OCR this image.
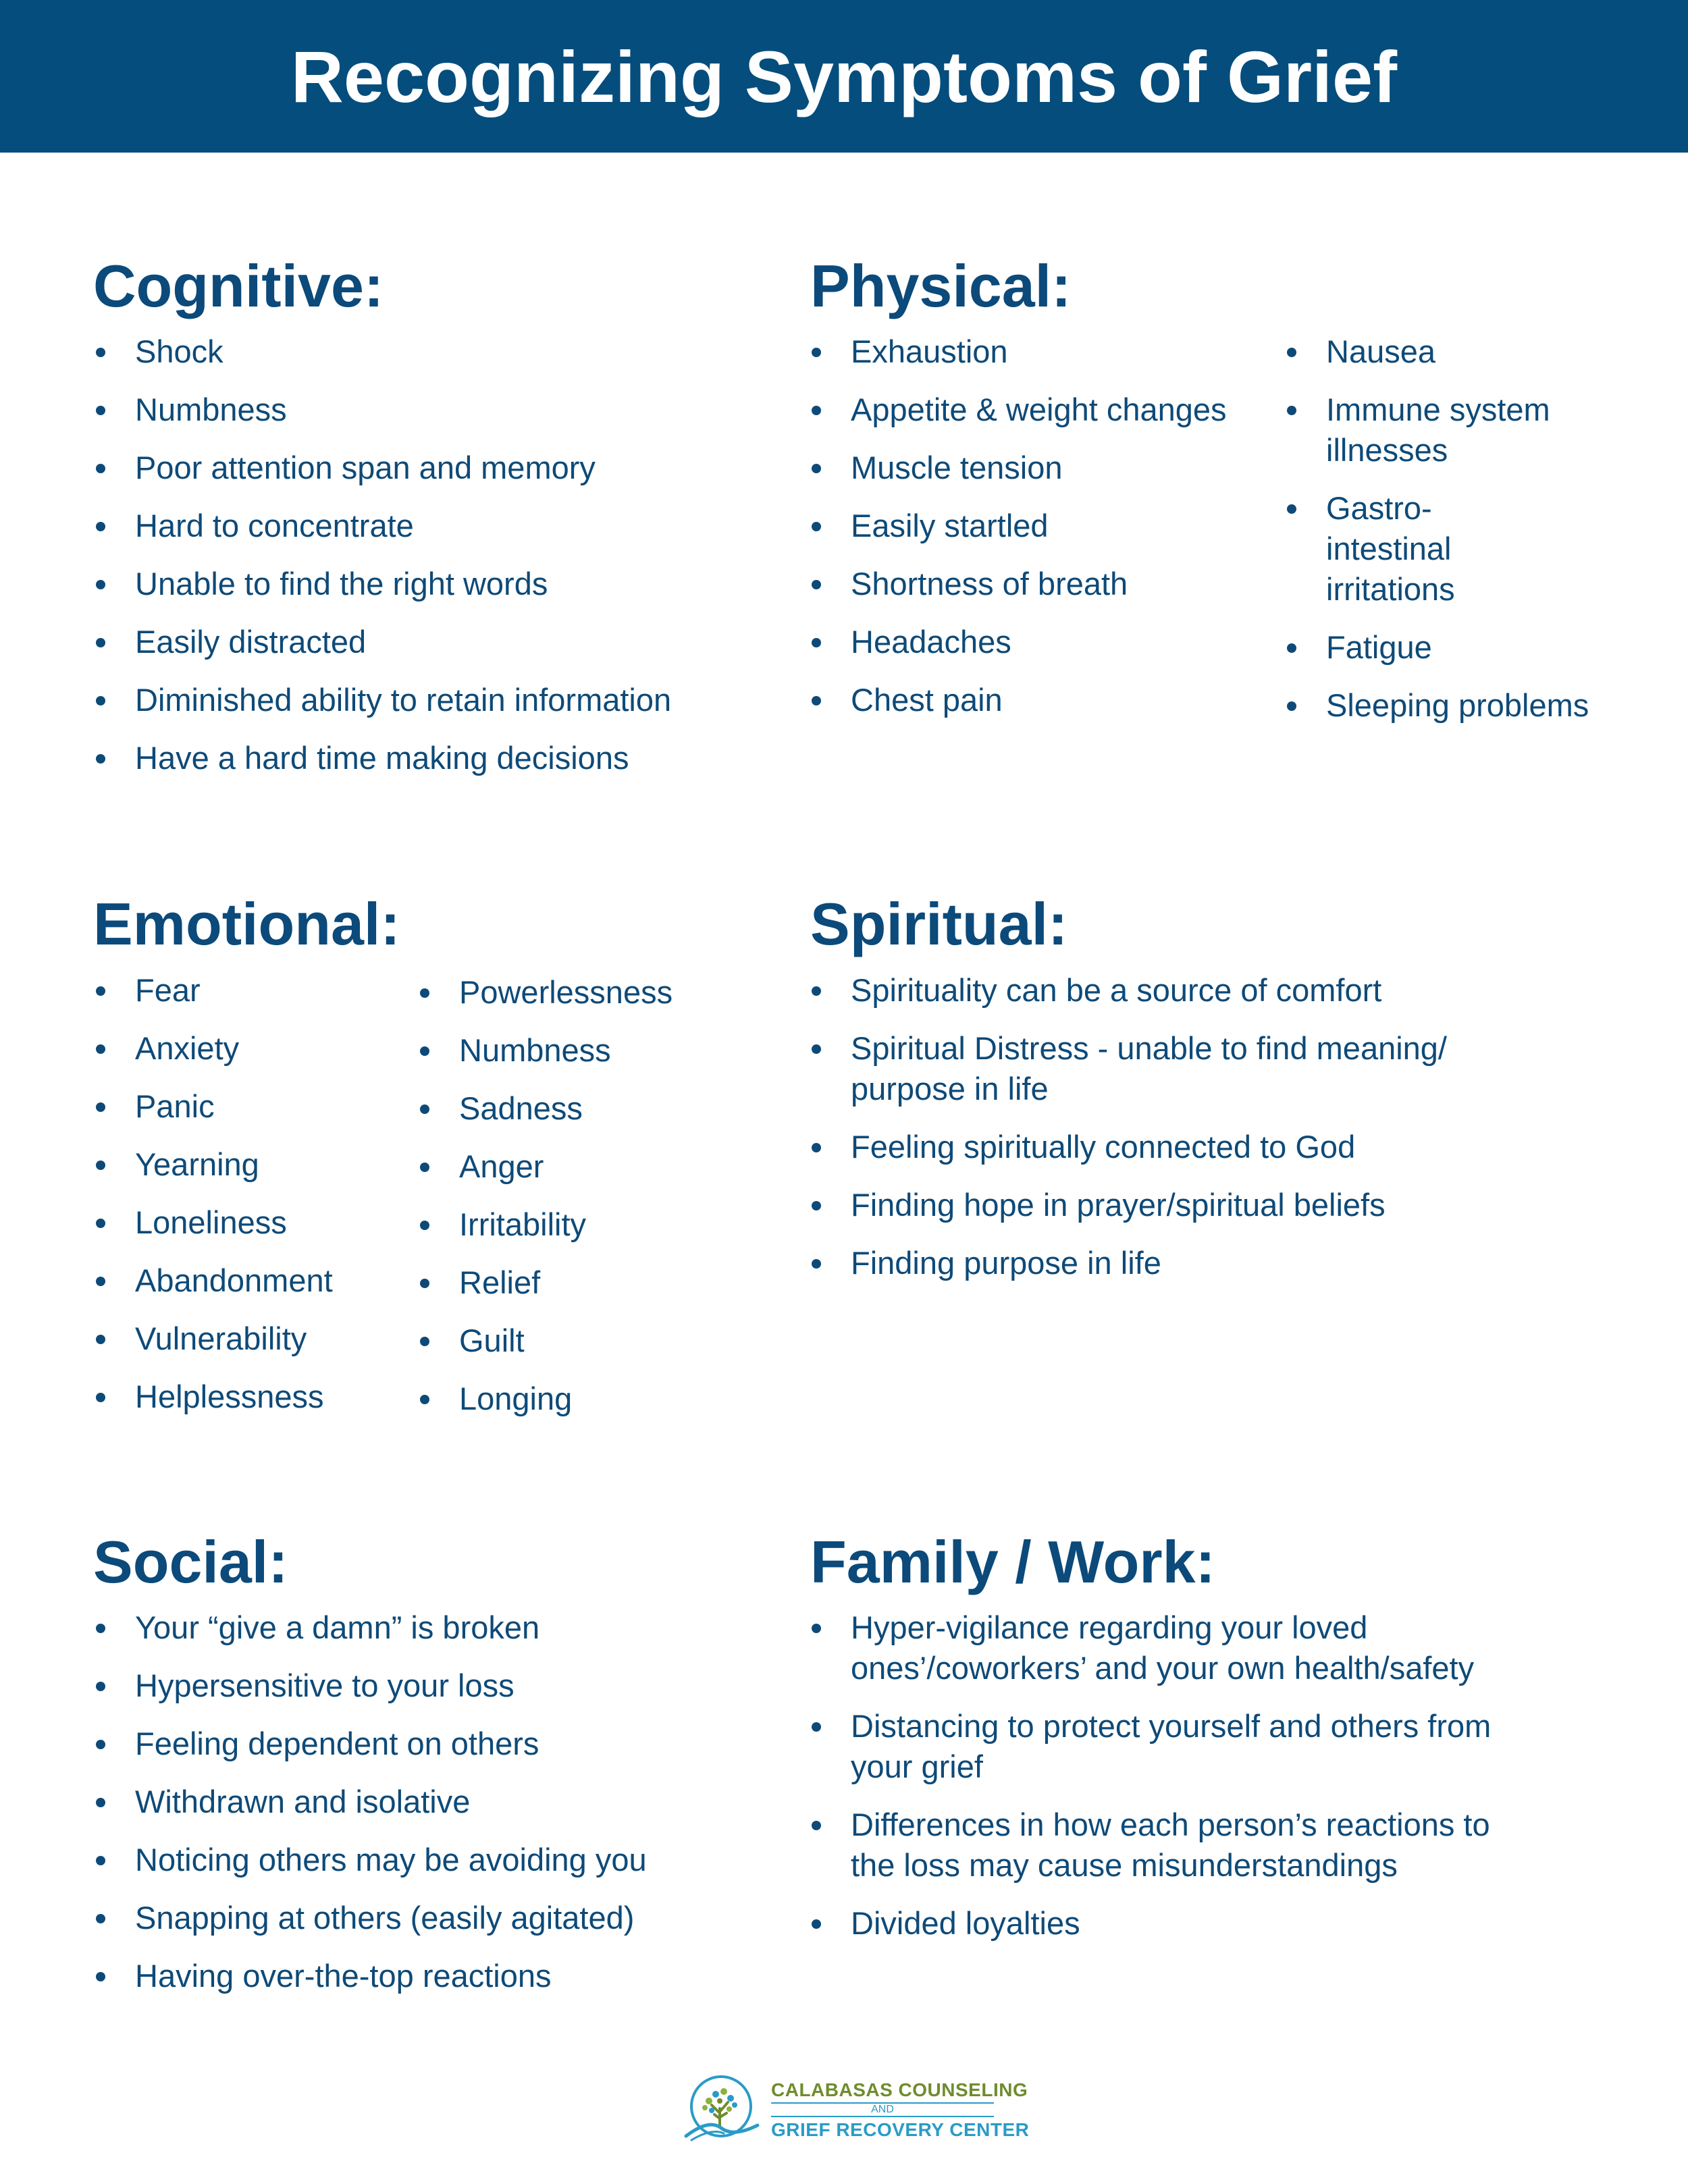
Recognizing Symptoms of Grief
Cognitive:
Shock
Numbness
Poor attention span and memory
Hard to concentrate
Unable to find the right words
Easily distracted
Diminished ability to retain information
Have a hard time making decisions
Physical:
Exhaustion
Appetite & weight changes
Muscle tension
Easily startled
Shortness of breath
Headaches
Chest pain
Nausea
Immune system illnesses
Gastro-intestinal irritations
Fatigue
Sleeping problems
Emotional:
Fear
Anxiety
Panic
Yearning
Loneliness
Abandonment
Vulnerability
Helplessness
Powerlessness
Numbness
Sadness
Anger
Irritability
Relief
Guilt
Longing
Spiritual:
Spirituality can be a source of comfort
Spiritual Distress - unable to find meaning/ purpose in life
Feeling spiritually connected to God
Finding hope in prayer/spiritual beliefs
Finding purpose in life
Social:
Your “give a damn” is broken
Hypersensitive to your loss
Feeling dependent on others
Withdrawn and isolative
Noticing others may be avoiding you
Snapping at others (easily agitated)
Having over-the-top reactions
Family / Work:
Hyper-vigilance regarding your loved ones’/coworkers’ and your own health/safety
Distancing to protect yourself and others from your grief
Differences in how each person’s reactions to the loss may cause misunderstandings
Divided loyalties
CALABASAS COUNSELING
AND
GRIEF RECOVERY CENTER
